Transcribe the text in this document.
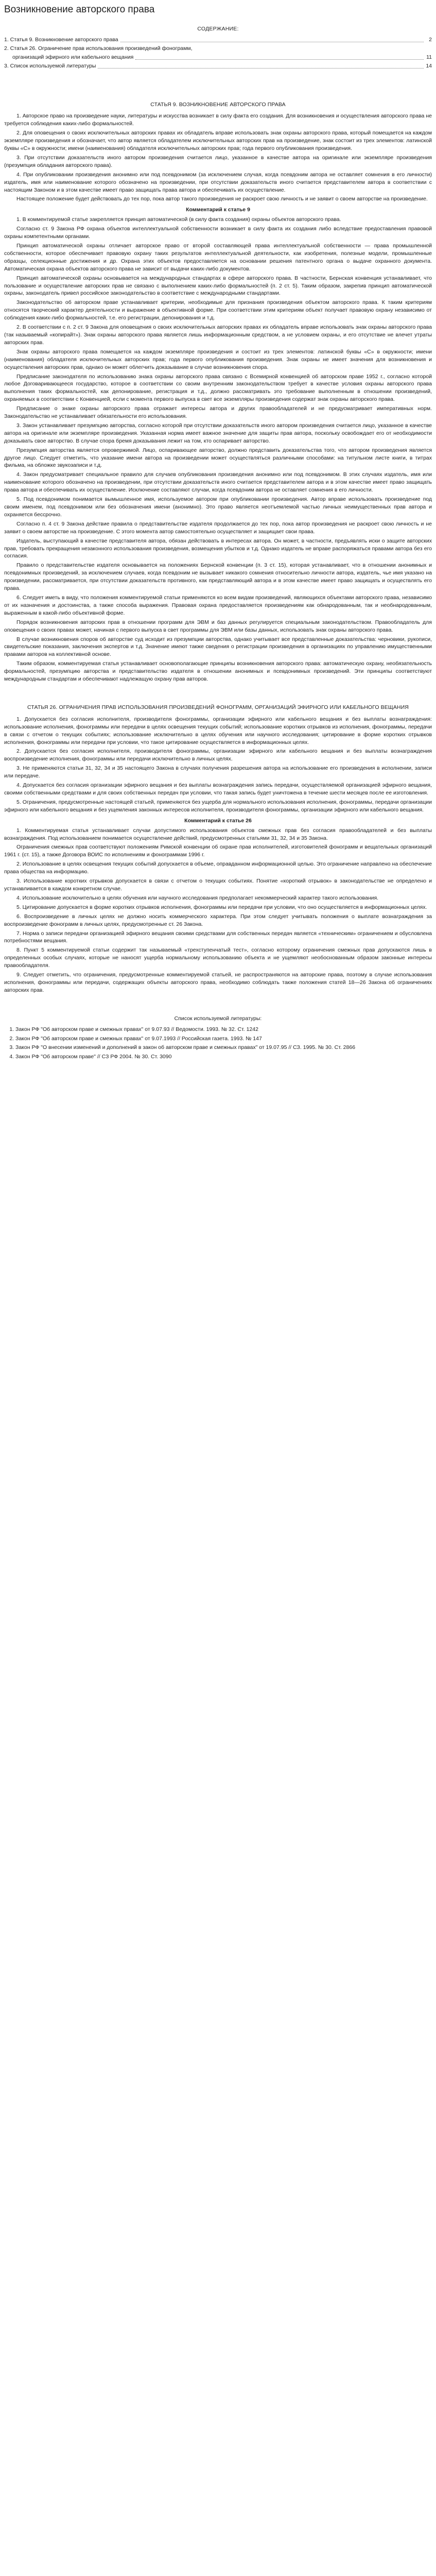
Возникновение авторского права
СОДЕРЖАНИЕ:
1. Статья 9. Возникновение авторского права	2
2. Статья 26. Ограничение прав использования произведений фонограмм,
организаций эфирного или кабельного вещания	11
3. Список используемой литературы	14
СТАТЬЯ 9. ВОЗНИКНОВЕНИЕ АВТОРСКОГО ПРАВА

1. Авторское право на произведение науки, литературы и искусства возникает в силу факта его создания. Для возникновения и осуществления авторского права не требуется соблюдения каких-либо формальностей.

2. Для оповещения о своих исключительных авторских правах их обладатель вправе использовать знак охраны авторского права, который помещается на каждом экземпляре произведения и обозначает, что автор является обладателем исключительных авторских прав на произведение, знак состоит из трех элементов: латинской буквы «C» в окружности; имени (наименования) обладателя исключительных авторских прав; года первого опубликования произведения.

3. При отсутствии доказательств иного автором произведения считается лицо, указанное в качестве автора на оригинале или экземпляре произведения (презумпция обладания авторского права).

4. При опубликовании произведения анонимно или под псевдонимом (за исключением случая, когда псевдоним автора не оставляет сомнения в его личности) издатель, имя или наименование которого обозначено на произведении, при отсутствии доказательств иного считается представителем автора в соответствии с настоящим Законом и в этом качестве имеет право защищать права автора и обеспечивать их осуществление.

Настоящее положение будет действовать до тех пор, пока автор такого произведения не раскроет свою личность и не заявит о своем авторстве на произведение.

Комментарий к статье 9

1. В комментируемой статье закрепляется принцип автоматической (в силу факта создания) охраны объектов авторского права.

Согласно ст. 9 Закона РФ охрана объектов интеллектуальной собственности возникает в силу факта их создания либо вследствие предоставления правовой охраны компетентными органами.

Принцип автоматической охраны отличает авторское право от второй составляющей права интеллектуальной собственности — права промышленной собственности, которое обеспечивает правовую охрану таких результатов интеллектуальной деятельности, как изобретения, полезные модели, промышленные образцы, селекционные достижения и др. Охрана этих объектов предоставляется на основании решения патентного органа о выдаче охранного документа. Автоматическая охрана объектов авторского права не зависит от выдачи каких-либо документов.

Принцип автоматической охраны основывается на международных стандартах в сфере авторского права. В частности, Бернская конвенция устанавливает, что пользование и осуществление авторских прав не связано с выполнением каких-либо формальностей (п. 2 ст. 5). Таким образом, закрепив принцип автоматической охраны, законодатель привел российское законодательство в соответствие с международными стандартами.

Законодательство об авторском праве устанавливает критерии, необходимые для признания произведения объектом авторского права. К таким критериям относятся творческий характер деятельности и выражение в объективной форме. При соответствии этим критериям объект получает правовую охрану независимо от соблюдения каких-либо формальностей, т.е. его регистрации, депонирования и т.д.

2. В соответствии с п. 2 ст. 9 Закона для оповещения о своих исключительных авторских правах их обладатель вправе использовать знак охраны авторского права (так называемый «копирайт»). Знак охраны авторского права является лишь информационным средством, а не условием охраны, и его отсутствие не влечет утраты авторских прав.

Знак охраны авторского права помещается на каждом экземпляре произведения и состоит из трех элементов: латинской буквы «C» в окружности; имени (наименования) обладателя исключительных авторских прав; года первого опубликования произведения. Знак охраны не имеет значения для возникновения и осуществления авторских прав, однако он может облегчить доказывание в случае возникновения спора.

Предписание законодателя по использованию знака охраны авторского права связано с Всемирной конвенцией об авторском праве 1952 г., согласно которой любое Договаривающееся государство, которое в соответствии со своим внутренним законодательством требует в качестве условия охраны авторского права выполнения таких формальностей, как депонирование, регистрация и т.д., должно рассматривать это требование выполненным в отношении произведений, охраняемых в соответствии с Конвенцией, если с момента первого выпуска в свет все экземпляры произведения содержат знак охраны авторского права.

Предписание о знаке охраны авторского права отражает интересы автора и других правообладателей и не предусматривает императивных норм. Законодательство не устанавливает обязательности его использования.

3. Закон устанавливает презумпцию авторства, согласно которой при отсутствии доказательств иного автором произведения считается лицо, указанное в качестве автора на оригинале или экземпляре произведения. Указанная норма имеет важное значение для защиты прав автора, поскольку освобождает его от необходимости доказывать свое авторство. В случае спора бремя доказывания лежит на том, кто оспаривает авторство.

Презумпция авторства является опровержимой. Лицо, оспаривающее авторство, должно представить доказательства того, что автором произведения является другое лицо. Следует отметить, что указание имени автора на произведении может осуществляться различными способами: на титульном листе книги, в титрах фильма, на обложке звукозаписи и т.д.

4. Закон предусматривает специальное правило для случаев опубликования произведения анонимно или под псевдонимом. В этих случаях издатель, имя или наименование которого обозначено на произведении, при отсутствии доказательств иного считается представителем автора и в этом качестве имеет право защищать права автора и обеспечивать их осуществление. Исключение составляют случаи, когда псевдоним автора не оставляет сомнения в его личности.

5. Под псевдонимом понимается вымышленное имя, используемое автором при опубликовании произведения. Автор вправе использовать произведение под своим именем, под псевдонимом или без обозначения имени (анонимно). Это право является неотъемлемой частью личных неимущественных прав автора и охраняется бессрочно.

Согласно п. 4 ст. 9 Закона действие правила о представительстве издателя продолжается до тех пор, пока автор произведения не раскроет свою личность и не заявит о своем авторстве на произведение. С этого момента автор самостоятельно осуществляет и защищает свои права.

Издатель, выступающий в качестве представителя автора, обязан действовать в интересах автора. Он может, в частности, предъявлять иски о защите авторских прав, требовать прекращения незаконного использования произведения, возмещения убытков и т.д. Однако издатель не вправе распоряжаться правами автора без его согласия.

Правило о представительстве издателя основывается на положениях Бернской конвенции (п. 3 ст. 15), которая устанавливает, что в отношении анонимных и псевдонимных произведений, за исключением случаев, когда псевдоним не вызывает никакого сомнения относительно личности автора, издатель, чье имя указано на произведении, рассматривается, при отсутствии доказательств противного, как представляющий автора и в этом качестве имеет право защищать и осуществлять его права.

6. Следует иметь в виду, что положения комментируемой статьи применяются ко всем видам произведений, являющихся объектами авторского права, независимо от их назначения и достоинства, а также способа выражения. Правовая охрана предоставляется произведениям как обнародованным, так и необнародованным, выраженным в какой-либо объективной форме.

Порядок возникновения авторских прав в отношении программ для ЭВМ и баз данных регулируется специальным законодательством. Правообладатель для оповещения о своих правах может, начиная с первого выпуска в свет программы для ЭВМ или базы данных, использовать знак охраны авторского права.

В случае возникновения споров об авторстве суд исходит из презумпции авторства, однако учитывает все представленные доказательства: черновики, рукописи, свидетельские показания, заключения экспертов и т.д. Значение имеют также сведения о регистрации произведения в организациях по управлению имущественными правами авторов на коллективной основе.

Таким образом, комментируемая статья устанавливает основополагающие принципы возникновения авторского права: автоматическую охрану, необязательность формальностей, презумпцию авторства и представительство издателя в отношении анонимных и псевдонимных произведений. Эти принципы соответствуют международным стандартам и обеспечивают надлежащую охрану прав авторов.

СТАТЬЯ 26. ОГРАНИЧЕНИЯ ПРАВ ИСПОЛЬЗОВАНИЯ ПРОИЗВЕДЕНИЙ ФОНОГРАММ, ОРГАНИЗАЦИЙ ЭФИРНОГО ИЛИ КАБЕЛЬНОГО ВЕЩАНИЯ

1. Допускается без согласия исполнителя, производителя фонограммы, организации эфирного или кабельного вещания и без выплаты вознаграждения: использование исполнения, фонограммы или передачи в целях освещения текущих событий; использование коротких отрывков из исполнения, фонограммы, передачи в связи с отчетом о текущих событиях; использование исключительно в целях обучения или научного исследования; цитирование в форме коротких отрывков исполнения, фонограммы или передачи при условии, что такое цитирование осуществляется в информационных целях.

2. Допускается без согласия исполнителя, производителя фонограммы, организации эфирного или кабельного вещания и без выплаты вознаграждения воспроизведение исполнения, фонограммы или передачи исключительно в личных целях.

3. Не применяются статьи 31, 32, 34 и 35 настоящего Закона в случаях получения разрешения автора на использование его произведения в исполнении, записи или передаче.

4. Допускается без согласия организации эфирного вещания и без выплаты вознаграждения запись передачи, осуществляемой организацией эфирного вещания, своими собственными средствами и для своих собственных передач при условии, что такая запись будет уничтожена в течение шести месяцев после ее изготовления.

5. Ограничения, предусмотренные настоящей статьей, применяются без ущерба для нормального использования исполнения, фонограммы, передачи организации эфирного или кабельного вещания и без ущемления законных интересов исполнителя, производителя фонограммы, организации эфирного или кабельного вещания.

Комментарий к статье 26

1. Комментируемая статья устанавливает случаи допустимого использования объектов смежных прав без согласия правообладателей и без выплаты вознаграждения. Под использованием понимается осуществление действий, предусмотренных статьями 31, 32, 34 и 35 Закона.

Ограничения смежных прав соответствуют положениям Римской конвенции об охране прав исполнителей, изготовителей фонограмм и вещательных организаций 1961 г. (ст. 15), а также Договора ВОИС по исполнениям и фонограммам 1996 г.

2. Использование в целях освещения текущих событий допускается в объеме, оправданном информационной целью. Это ограничение направлено на обеспечение права общества на информацию.

3. Использование коротких отрывков допускается в связи с отчетом о текущих событиях. Понятие «короткий отрывок» в законодательстве не определено и устанавливается в каждом конкретном случае.

4. Использование исключительно в целях обучения или научного исследования предполагает некоммерческий характер такого использования.

5. Цитирование допускается в форме коротких отрывков исполнения, фонограммы или передачи при условии, что оно осуществляется в информационных целях.

6. Воспроизведение в личных целях не должно носить коммерческого характера. При этом следует учитывать положения о выплате вознаграждения за воспроизведение фонограмм в личных целях, предусмотренные ст. 26 Закона.

7. Норма о записи передачи организацией эфирного вещания своими средствами для собственных передач является «техническим» ограничением и обусловлена потребностями вещания.

8. Пункт 5 комментируемой статьи содержит так называемый «трехступенчатый тест», согласно которому ограничения смежных прав допускаются лишь в определенных особых случаях, которые не наносят ущерба нормальному использованию объекта и не ущемляют необоснованным образом законные интересы правообладателя.

9. Следует отметить, что ограничения, предусмотренные комментируемой статьей, не распространяются на авторские права, поэтому в случае использования исполнения, фонограммы или передачи, содержащих объекты авторского права, необходимо соблюдать также положения статей 18—26 Закона об ограничениях авторских прав.

Список используемой литературы:
1. Закон РФ "Об авторском праве и смежных правах" от 9.07.93 // Ведомости. 1993. № 32. Ст. 1242
2. Закон РФ "Об авторском праве и смежных правах" от 9.07.1993 // Российская газета. 1993. № 147
3. Закон РФ "О внесении изменений и дополнений в закон об авторском праве и смежных правах" от 19.07.95 // СЗ. 1995. № 30. Ст. 2866
4. Закон РФ "Об авторском праве" // СЗ РФ 2004. № 30. Ст. 3090
